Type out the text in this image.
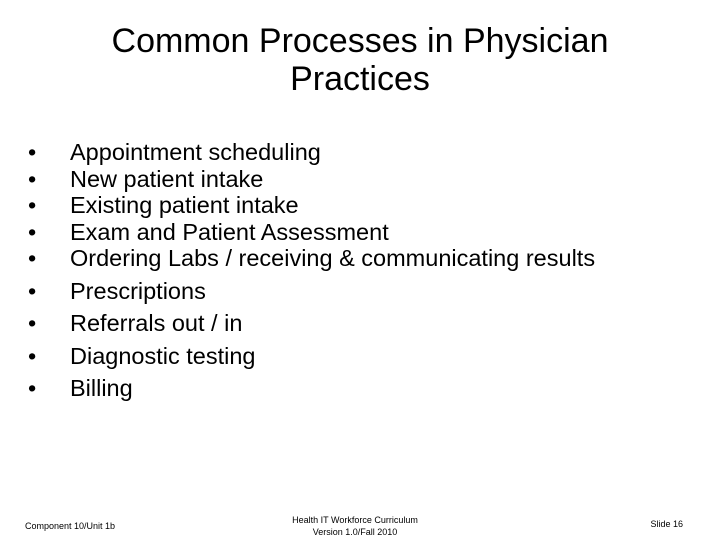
Common Processes in Physician
Practices
• Appointment scheduling
• New patient intake
• Existing patient intake
• Exam and Patient Assessment
• Ordering Labs / receiving & communicating results
• Prescriptions
• Referrals out / in
• Diagnostic testing
• Billing
Component 10/Unit 1b
Health IT Workforce Curriculum
Version 1.0/Fall 2010
Slide 16
